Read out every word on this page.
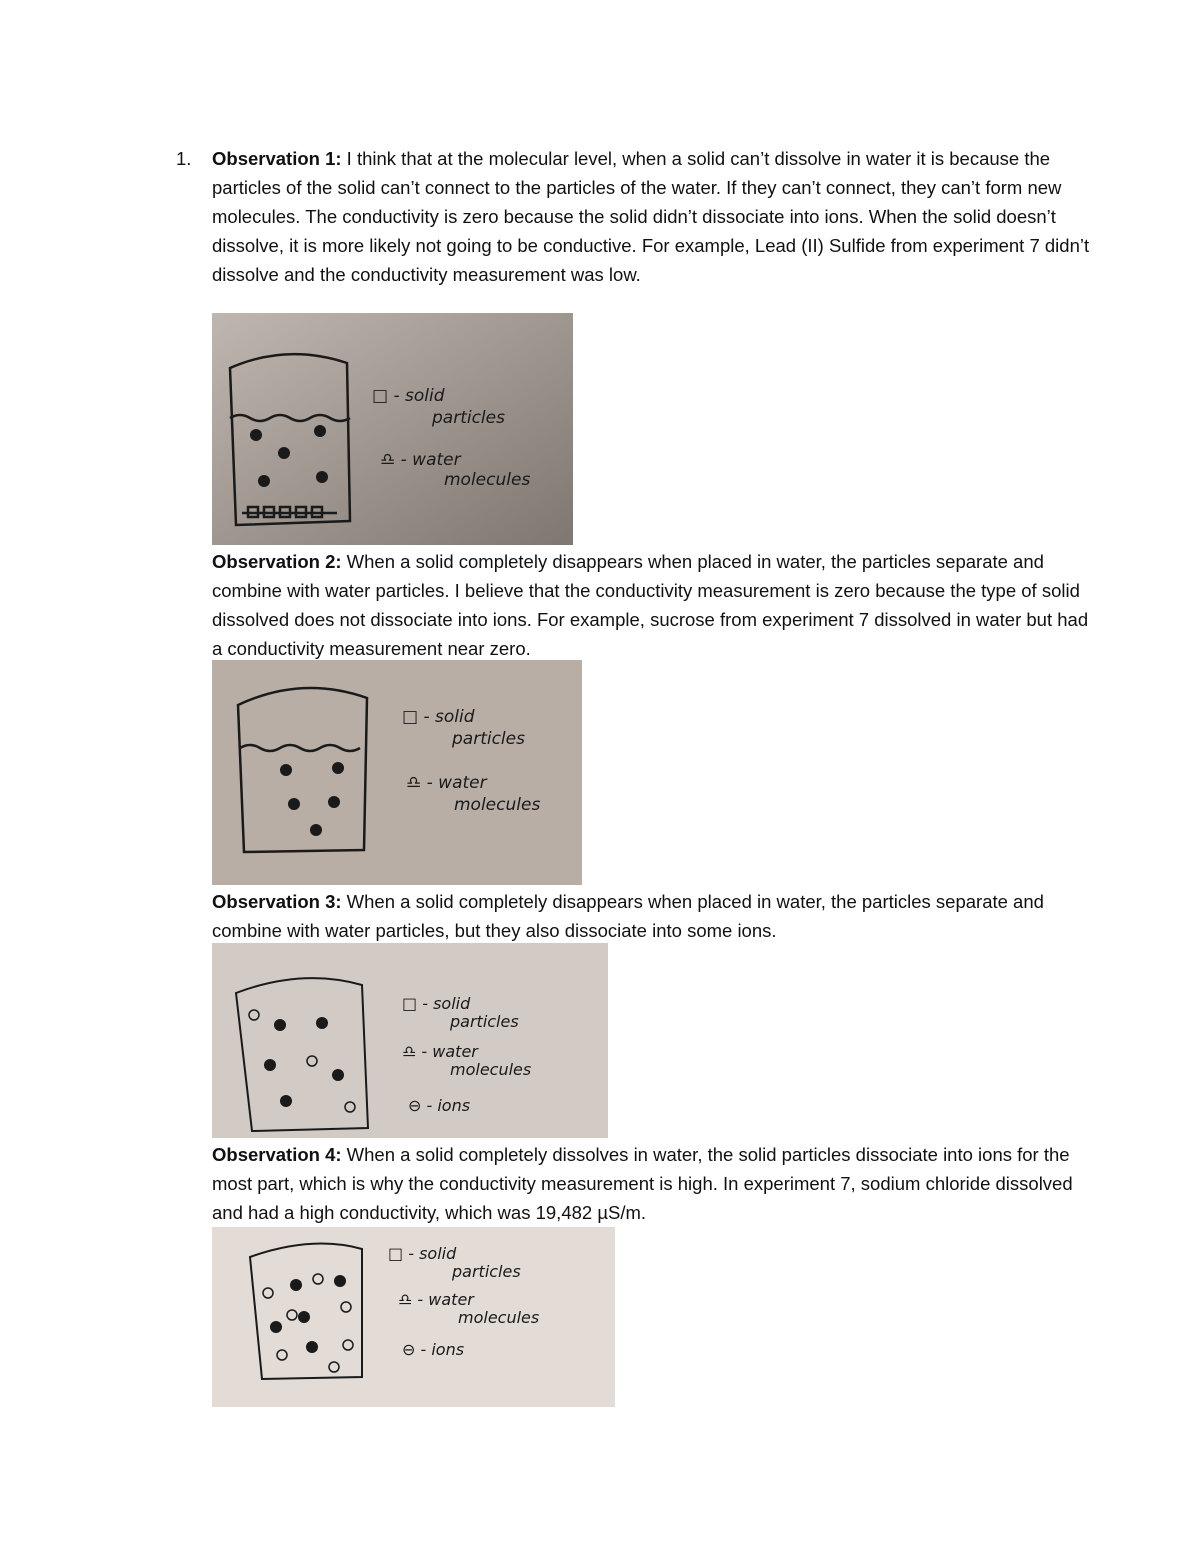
1. Observation 1: I think that at the molecular level, when a solid can’t dissolve in water it is because the particles of the solid can’t connect to the particles of the water. If they can’t connect, they can’t form new molecules. The conductivity is zero because the solid didn’t dissociate into ions. When the solid doesn’t dissolve, it is more likely not going to be conductive. For example, Lead (II) Sulfide from experiment 7 didn’t dissolve and the conductivity measurement was low.
□ - solid
particles
♎ - water
molecules
Observation 2: When a solid completely disappears when placed in water, the particles separate and combine with water particles. I believe that the conductivity measurement is zero because the type of solid dissolved does not dissociate into ions. For example, sucrose from experiment 7 dissolved in water but had a conductivity measurement near zero.
□ - solid
particles
♎ - water
molecules
Observation 3: When a solid completely disappears when placed in water, the particles separate and combine with water particles, but they also dissociate into some ions.
□ - solid
particles
♎ - water
molecules
⊖ - ions
Observation 4: When a solid completely dissolves in water, the solid particles dissociate into ions for the most part, which is why the conductivity measurement is high. In experiment 7, sodium chloride dissolved and had a high conductivity, which was 19,482 µS/m.
□ - solid
particles
♎ - water
molecules
⊖ - ions
